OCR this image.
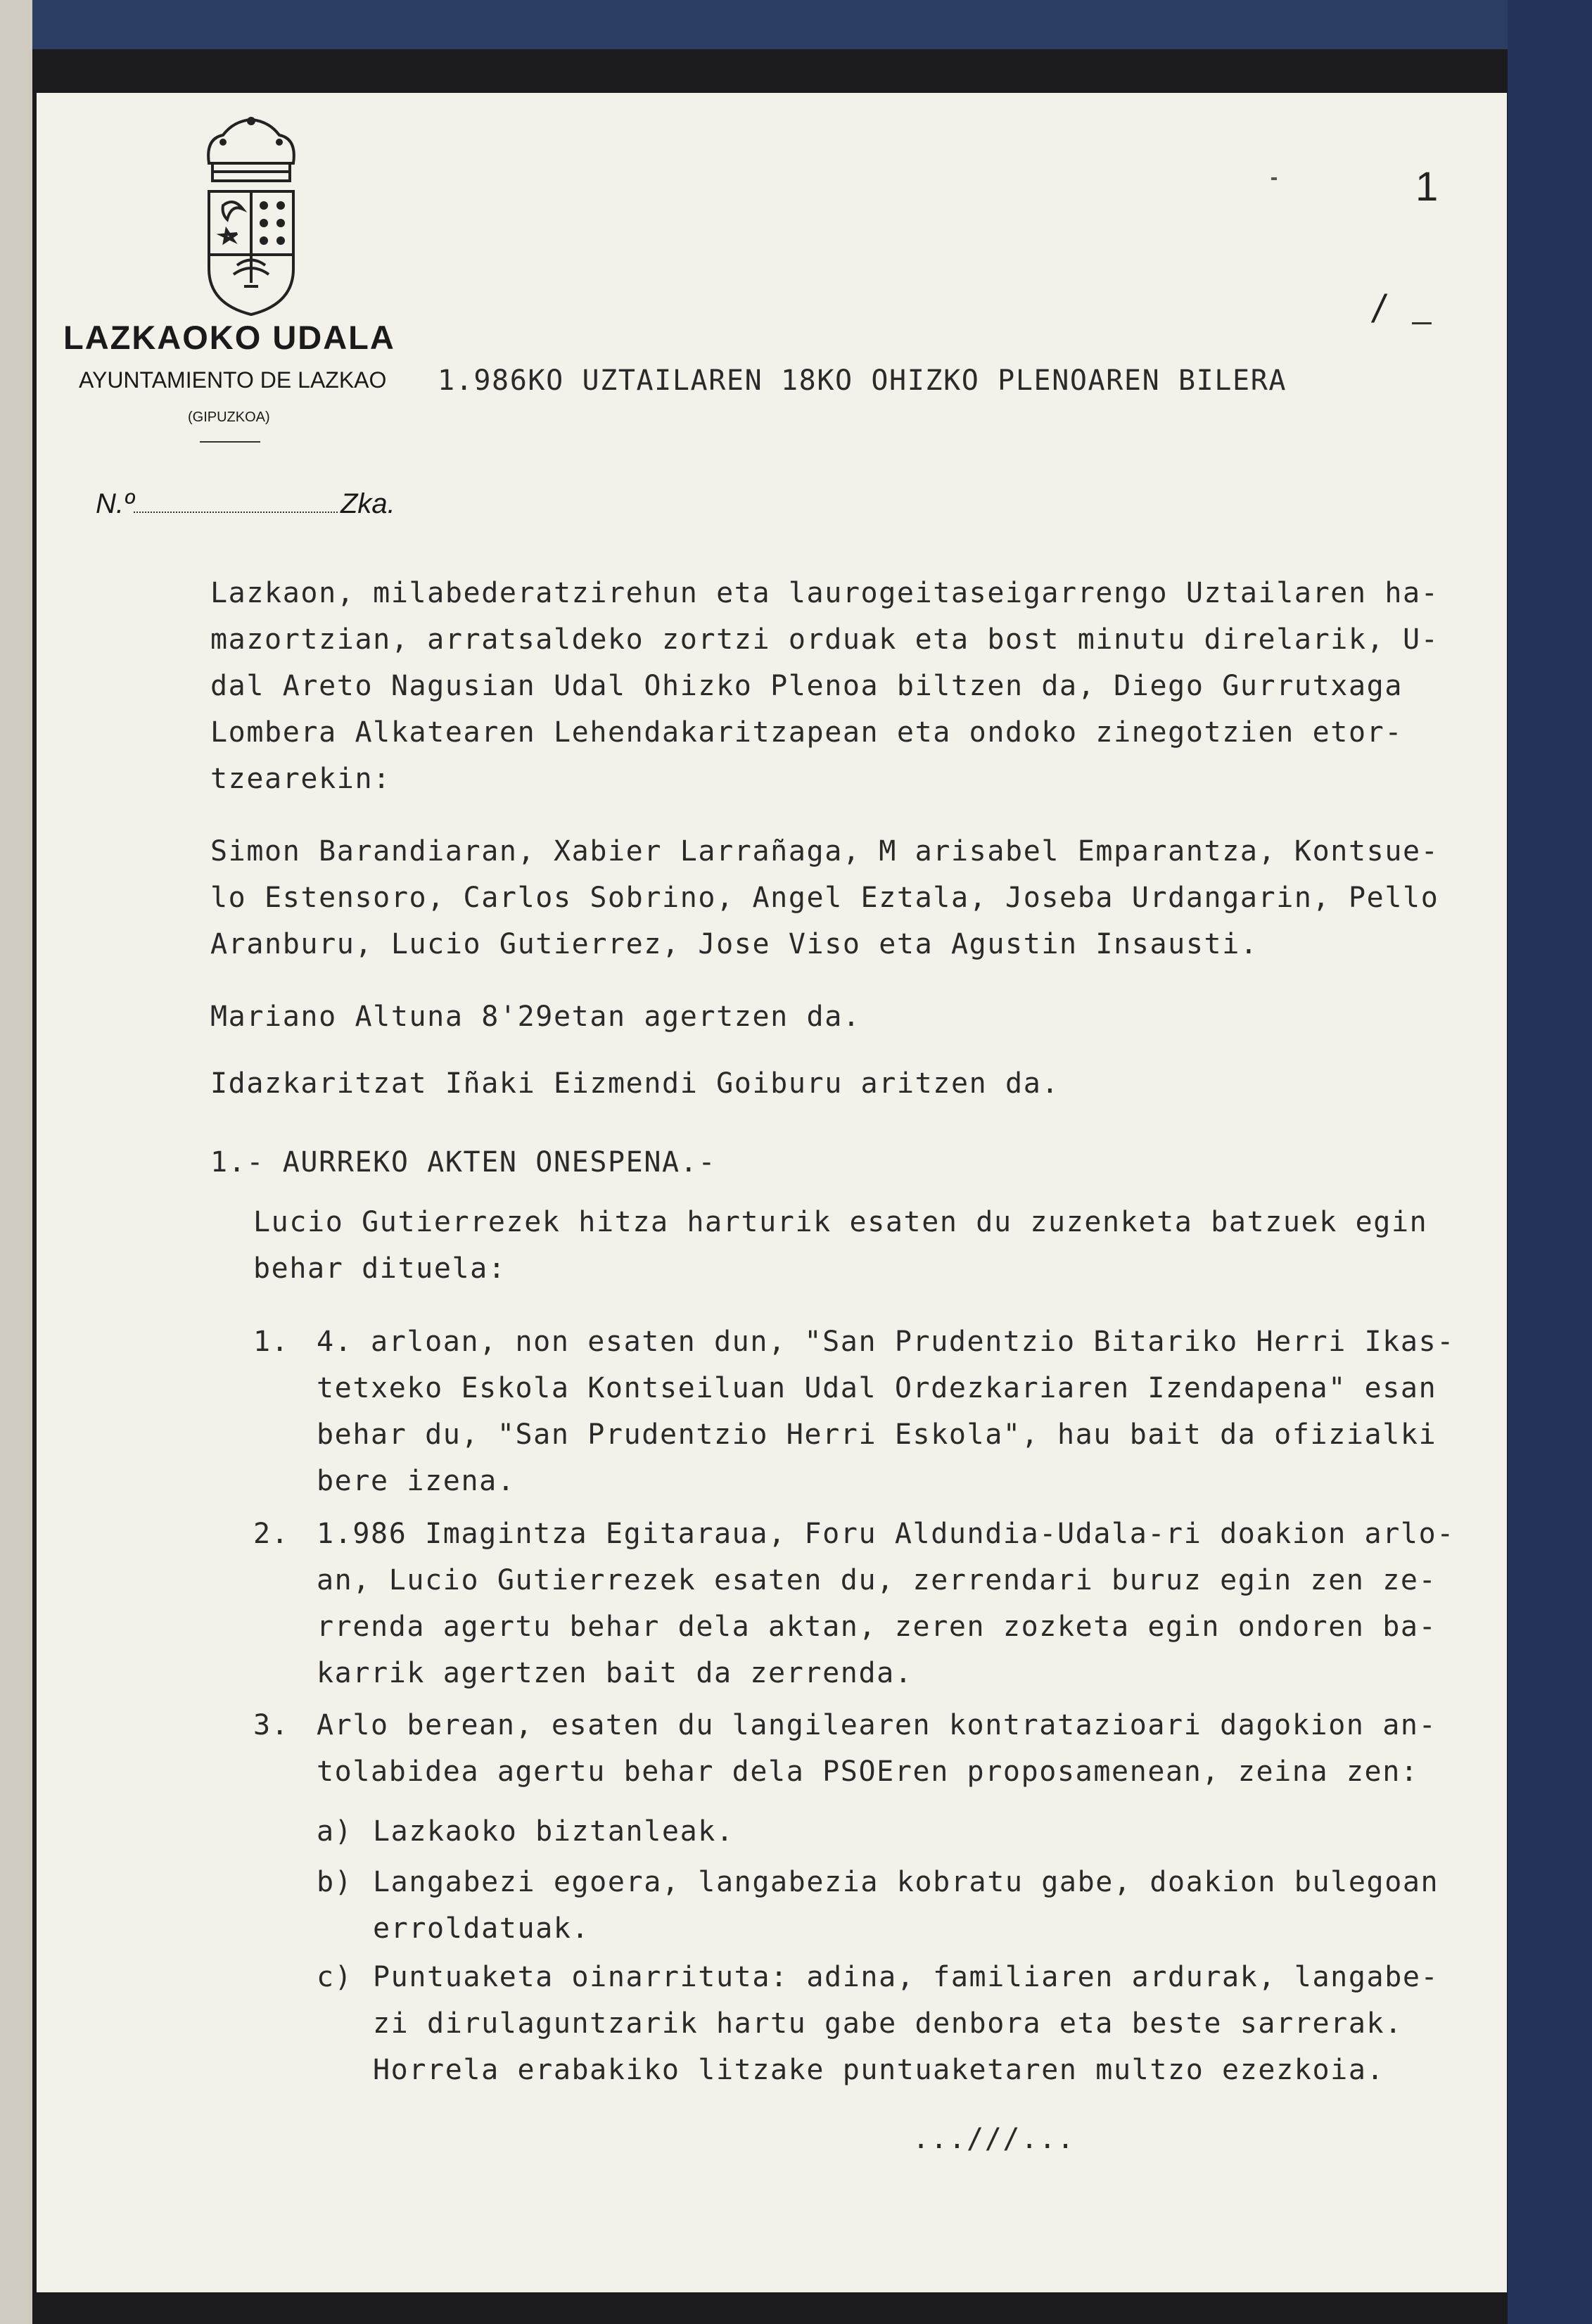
LAZKAOKO UDALA
AYUNTAMIENTO DE LAZKAO
(GIPUZKOA)
N.º	Zka.
1
/
1.986KO UZTAILAREN 18KO OHIZKO PLENOAREN BILERA
Lazkaon, milabederatzirehun eta laurogeitaseigarrengo Uztailaren ha-
mazortzian, arratsaldeko zortzi orduak eta bost minutu direlarik, U-
dal Areto Nagusian Udal Ohizko Plenoa biltzen da, Diego Gurrutxaga
Lombera Alkatearen Lehendakaritzapean eta ondoko zinegotzien etor-
tzearekin:
Simon Barandiaran, Xabier Larrañaga, M arisabel Emparantza, Kontsue-
lo Estensoro, Carlos Sobrino, Angel Eztala, Joseba Urdangarin, Pello
Aranburu, Lucio Gutierrez, Jose Viso eta Agustin Insausti.
Mariano Altuna 8'29etan agertzen da.
Idazkaritzat Iñaki Eizmendi Goiburu aritzen da.
1.- AURREKO AKTEN ONESPENA.-
Lucio Gutierrezek hitza harturik esaten du zuzenketa batzuek egin
behar dituela:
1. 4. arloan, non esaten dun, "San Prudentzio Bitariko Herri Ikas-
tetxeko Eskola Kontseiluan Udal Ordezkariaren Izendapena" esan
behar du, "San Prudentzio Herri Eskola", hau bait da ofizialki
bere izena.
2. 1.986 Imagintza Egitaraua, Foru Aldundia-Udala-ri doakion arlo-
an, Lucio Gutierrezek esaten du, zerrendari buruz egin zen ze-
rrenda agertu behar dela aktan, zeren zozketa egin ondoren ba-
karrik agertzen bait da zerrenda.
3. Arlo berean, esaten du langilearen kontratazioari dagokion an-
tolabidea agertu behar dela PSOEren proposamenean, zeina zen:
a) Lazkaoko biztanleak.
b) Langabezi egoera, langabezia kobratu gabe, doakion bulegoan
erroldatuak.
c) Puntuaketa oinarrituta: adina, familiaren ardurak, langabe-
zi dirulaguntzarik hartu gabe denbora eta beste sarrerak.
Horrela erabakiko litzake puntuaketaren multzo ezezkoia.
...///...
